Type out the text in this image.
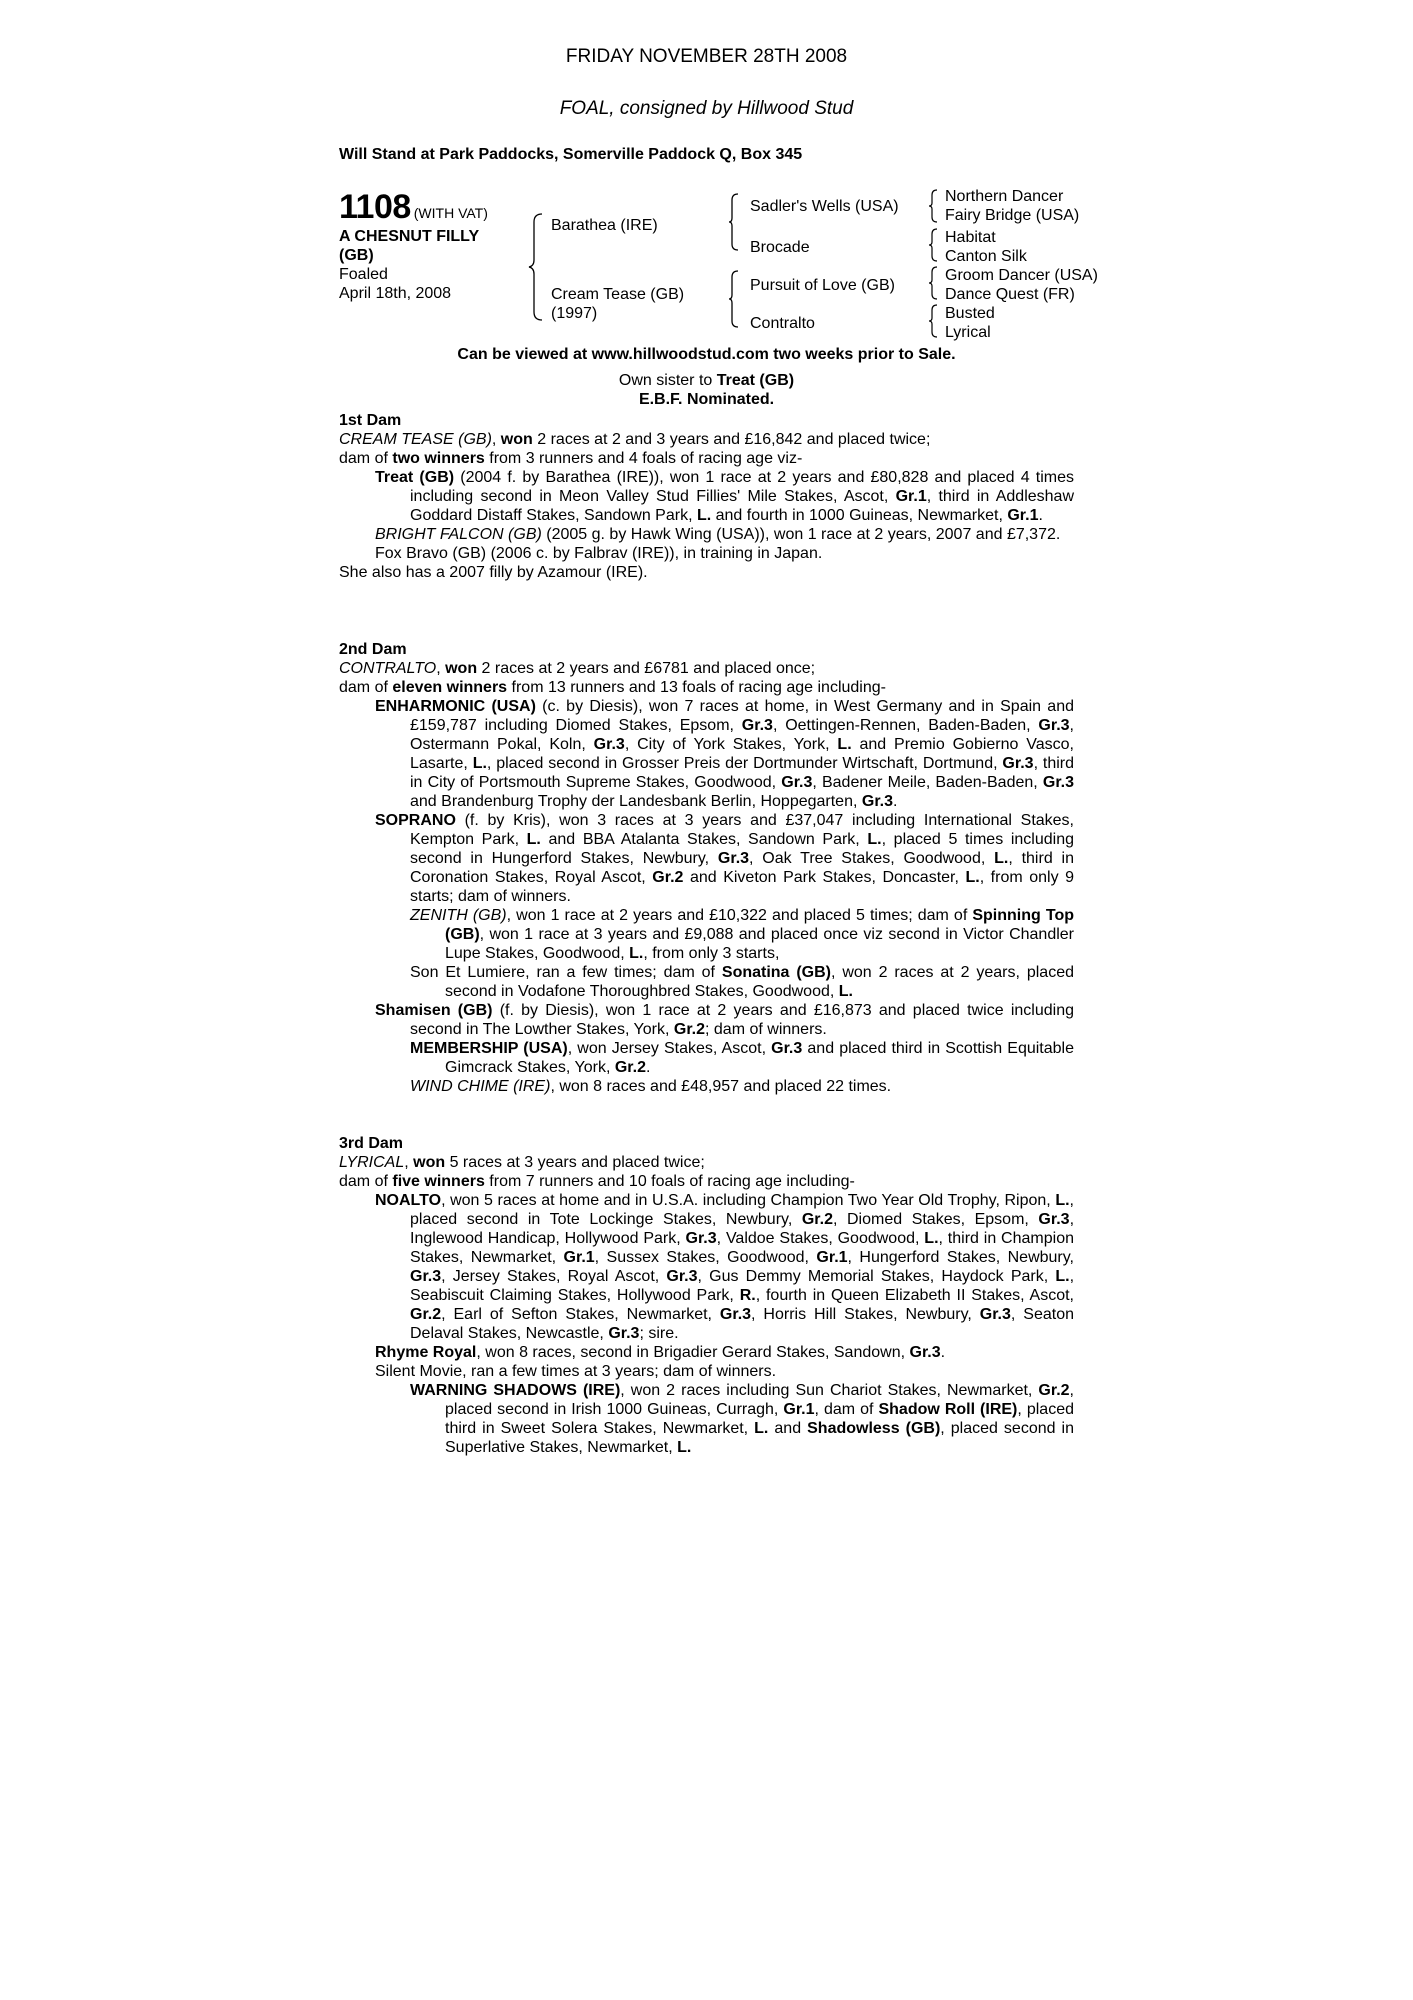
FRIDAY NOVEMBER 28TH 2008
FOAL, consigned by Hillwood Stud
Will Stand at Park Paddocks, Somerville Paddock Q, Box 345
1108 (WITH VAT)
A CHESNUT FILLY
(GB)
Foaled
April 18th, 2008
Barathea (IRE)
Cream Tease (GB)
(1997)
Sadler's Wells (USA)
Brocade
Pursuit of Love (GB)
Contralto
Northern Dancer
Fairy Bridge (USA)
Habitat
Canton Silk
Groom Dancer (USA)
Dance Quest (FR)
Busted
Lyrical
Can be viewed at www.hillwoodstud.com two weeks prior to Sale.
Own sister to Treat (GB)
E.B.F. Nominated.

1st Dam

CREAM TEASE (GB), won 2 races at 2 and 3 years and £16,842 and placed twice;

dam of two winners from 3 runners and 4 foals of racing age viz-

Treat (GB) (2004 f. by Barathea (IRE)), won 1 race at 2 years and £80,828 and placed 4 times including second in Meon Valley Stud Fillies' Mile Stakes, Ascot, Gr.1, third in Addleshaw Goddard Distaff Stakes, Sandown Park, L. and fourth in 1000 Guineas, Newmarket, Gr.1.

BRIGHT FALCON (GB) (2005 g. by Hawk Wing (USA)), won 1 race at 2 years, 2007 and £7,372.

Fox Bravo (GB) (2006 c. by Falbrav (IRE)), in training in Japan.

She also has a 2007 filly by Azamour (IRE).

2nd Dam

CONTRALTO, won 2 races at 2 years and £6781 and placed once;

dam of eleven winners from 13 runners and 13 foals of racing age including-

ENHARMONIC (USA) (c. by Diesis), won 7 races at home, in West Germany and in Spain and £159,787 including Diomed Stakes, Epsom, Gr.3, Oettingen-Rennen, Baden-Baden, Gr.3, Ostermann Pokal, Koln, Gr.3, City of York Stakes, York, L. and Premio Gobierno Vasco, Lasarte, L., placed second in Grosser Preis der Dortmunder Wirtschaft, Dortmund, Gr.3, third in City of Portsmouth Supreme Stakes, Goodwood, Gr.3, Badener Meile, Baden-Baden, Gr.3 and Brandenburg Trophy der Landesbank Berlin, Hoppegarten, Gr.3.

SOPRANO (f. by Kris), won 3 races at 3 years and £37,047 including International Stakes, Kempton Park, L. and BBA Atalanta Stakes, Sandown Park, L., placed 5 times including second in Hungerford Stakes, Newbury, Gr.3, Oak Tree Stakes, Goodwood, L., third in Coronation Stakes, Royal Ascot, Gr.2 and Kiveton Park Stakes, Doncaster, L., from only 9 starts; dam of winners.

ZENITH (GB), won 1 race at 2 years and £10,322 and placed 5 times; dam of Spinning Top (GB), won 1 race at 3 years and £9,088 and placed once viz second in Victor Chandler Lupe Stakes, Goodwood, L., from only 3 starts,

Son Et Lumiere, ran a few times; dam of Sonatina (GB), won 2 races at 2 years, placed second in Vodafone Thoroughbred Stakes, Goodwood, L.

Shamisen (GB) (f. by Diesis), won 1 race at 2 years and £16,873 and placed twice including second in The Lowther Stakes, York, Gr.2; dam of winners.

MEMBERSHIP (USA), won Jersey Stakes, Ascot, Gr.3 and placed third in Scottish Equitable Gimcrack Stakes, York, Gr.2.

WIND CHIME (IRE), won 8 races and £48,957 and placed 22 times.

3rd Dam

LYRICAL, won 5 races at 3 years and placed twice;

dam of five winners from 7 runners and 10 foals of racing age including-

NOALTO, won 5 races at home and in U.S.A. including Champion Two Year Old Trophy, Ripon, L., placed second in Tote Lockinge Stakes, Newbury, Gr.2, Diomed Stakes, Epsom, Gr.3, Inglewood Handicap, Hollywood Park, Gr.3, Valdoe Stakes, Goodwood, L., third in Champion Stakes, Newmarket, Gr.1, Sussex Stakes, Goodwood, Gr.1, Hungerford Stakes, Newbury, Gr.3, Jersey Stakes, Royal Ascot, Gr.3, Gus Demmy Memorial Stakes, Haydock Park, L., Seabiscuit Claiming Stakes, Hollywood Park, R., fourth in Queen Elizabeth II Stakes, Ascot, Gr.2, Earl of Sefton Stakes, Newmarket, Gr.3, Horris Hill Stakes, Newbury, Gr.3, Seaton Delaval Stakes, Newcastle, Gr.3; sire.

Rhyme Royal, won 8 races, second in Brigadier Gerard Stakes, Sandown, Gr.3.

Silent Movie, ran a few times at 3 years; dam of winners.

WARNING SHADOWS (IRE), won 2 races including Sun Chariot Stakes, Newmarket, Gr.2, placed second in Irish 1000 Guineas, Curragh, Gr.1, dam of Shadow Roll (IRE), placed third in Sweet Solera Stakes, Newmarket, L. and Shadowless (GB), placed second in Superlative Stakes, Newmarket, L.
